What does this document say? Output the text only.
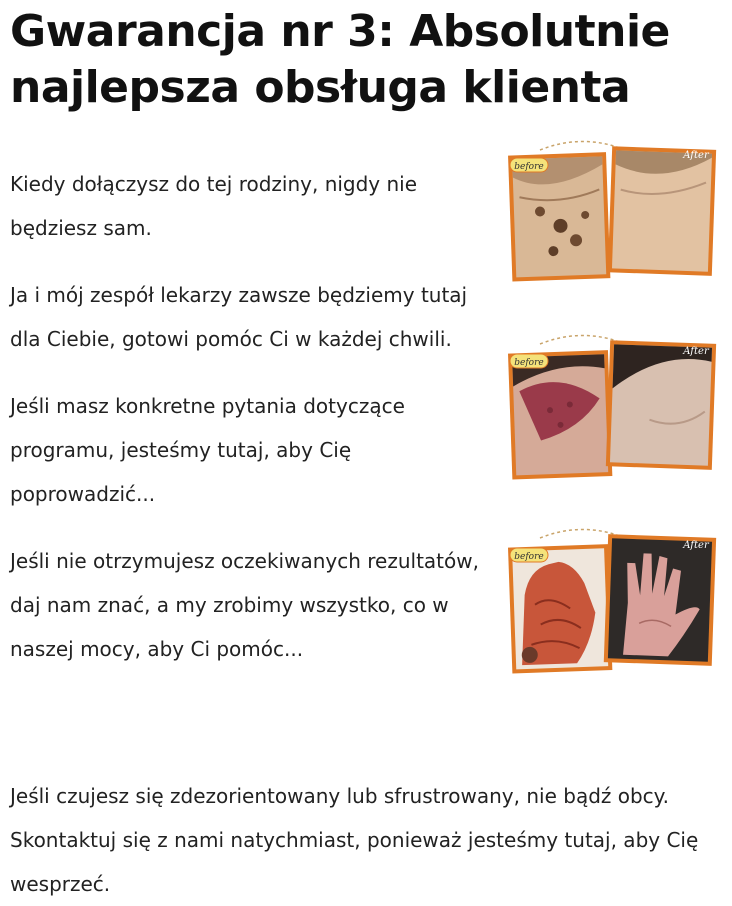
Gwarancja nr 3: Absolutnie najlepsza obsługa klienta

Kiedy dołączysz do tej rodziny, nigdy nie będziesz sam.

Ja i mój zespół lekarzy zawsze będziemy tutaj dla Ciebie, gotowi pomóc Ci w każdej chwili.

Jeśli masz konkretne pytania dotyczące programu, jesteśmy tutaj, aby Cię poprowadzić...

Jeśli nie otrzymujesz oczekiwanych rezultatów, daj nam znać, a my zrobimy wszystko, co w naszej mocy, aby Ci pomóc...

Jeśli czujesz się zdezorientowany lub sfrustrowany, nie bądź obcy. Skontaktuj się z nami natychmiast, ponieważ jesteśmy tutaj, aby Cię wesprzeć.

before
After
before
After
before
After
